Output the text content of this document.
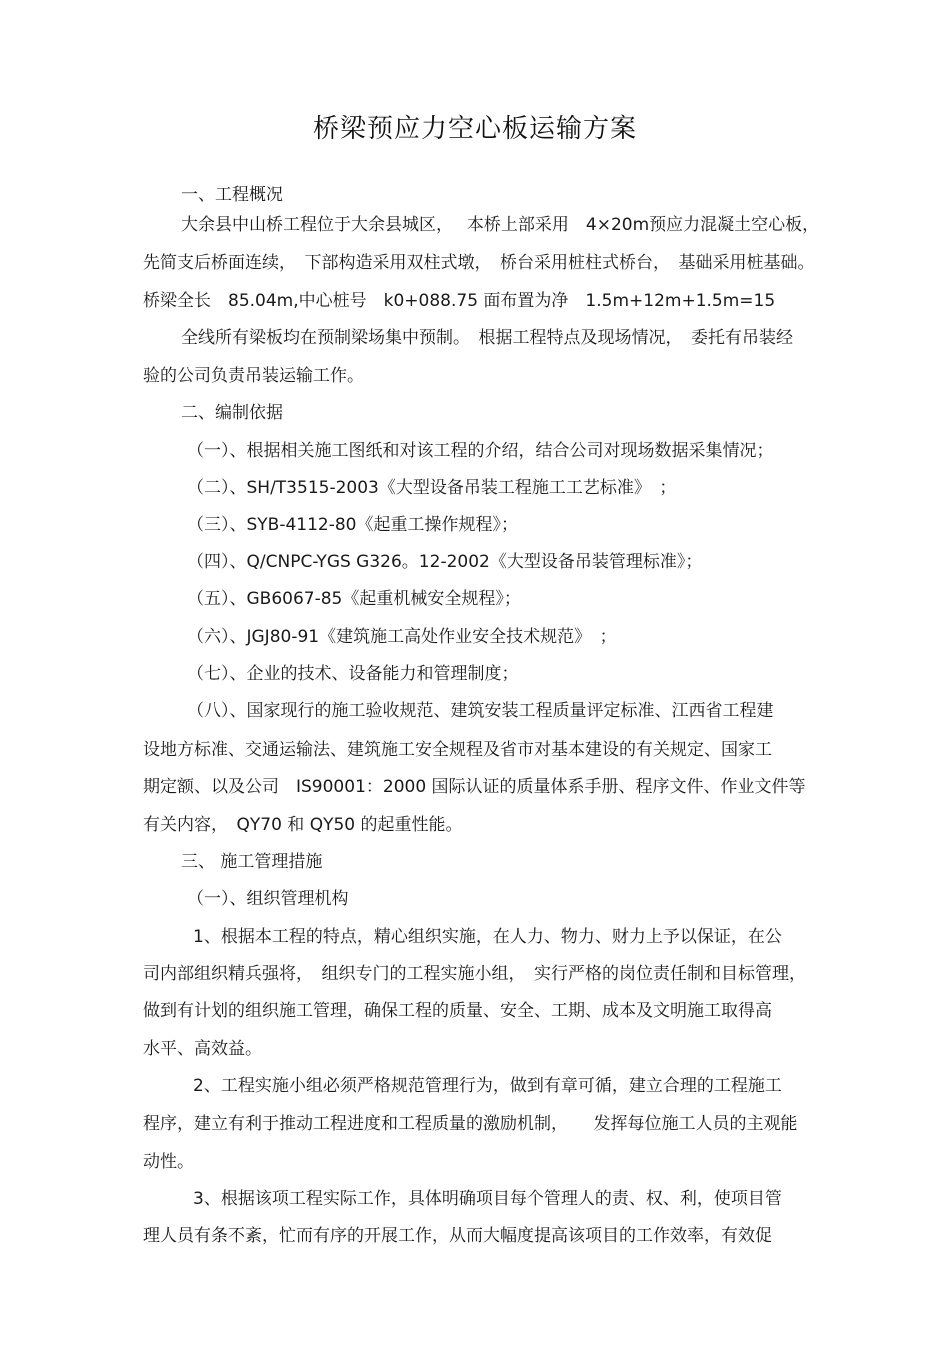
桥梁预应力空心板运输方案
一、工程概况
大余县中山桥工程位于大余县城区，　 本桥上部采用　4×20m预应力混凝土空心板，
先简支后桥面连续，　下部构造采用双柱式墩，　桥台采用桩柱式桥台，　基础采用桩基础。
桥梁全长　85.04m,中心桩号　k0+088.75 面布置为净　1.5m+12m+1.5m=15
全线所有梁板均在预制梁场集中预制。　根据工程特点及现场情况，　委托有吊装经
验的公司负责吊装运输工作。
二、编制依据
（一）、根据相关施工图纸和对该工程的介绍，结合公司对现场数据采集情况；
（二）、SH/T3515-2003《大型设备吊装工程施工工艺标准》　；
（三）、SYB-4112-80《起重工操作规程》；
（四）、Q/CNPC-YGS G326。12-2002《大型设备吊装管理标准》；
（五）、GB6067-85《起重机械安全规程》；
（六）、JGJ80-91《建筑施工高处作业安全技术规范》　；
（七）、企业的技术、设备能力和管理制度；
（八）、国家现行的施工验收规范、建筑安装工程质量评定标准、江西省工程建
设地方标准、交通运输法、建筑施工安全规程及省市对基本建设的有关规定、国家工
期定额、以及公司　IS90001：2000 国际认证的质量体系手册、程序文件、作业文件等
有关内容，　QY70 和 QY50 的起重性能。
三、 施工管理措施
（一）、组织管理机构
1、根据本工程的特点，精心组织实施，在人力、物力、财力上予以保证，在公
司内部组织精兵强将，　组织专门的工程实施小组，　实行严格的岗位责任制和目标管理，
做到有计划的组织施工管理，确保工程的质量、安全、工期、成本及文明施工取得高
水平、高效益。
2、工程实施小组必须严格规范管理行为，做到有章可循，建立合理的工程施工
程序，建立有利于推动工程进度和工程质量的激励机制，　　发挥每位施工人员的主观能
动性。
3、根据该项工程实际工作，具体明确项目每个管理人的责、权、利，使项目管
理人员有条不紊，忙而有序的开展工作，从而大幅度提高该项目的工作效率，有效促
